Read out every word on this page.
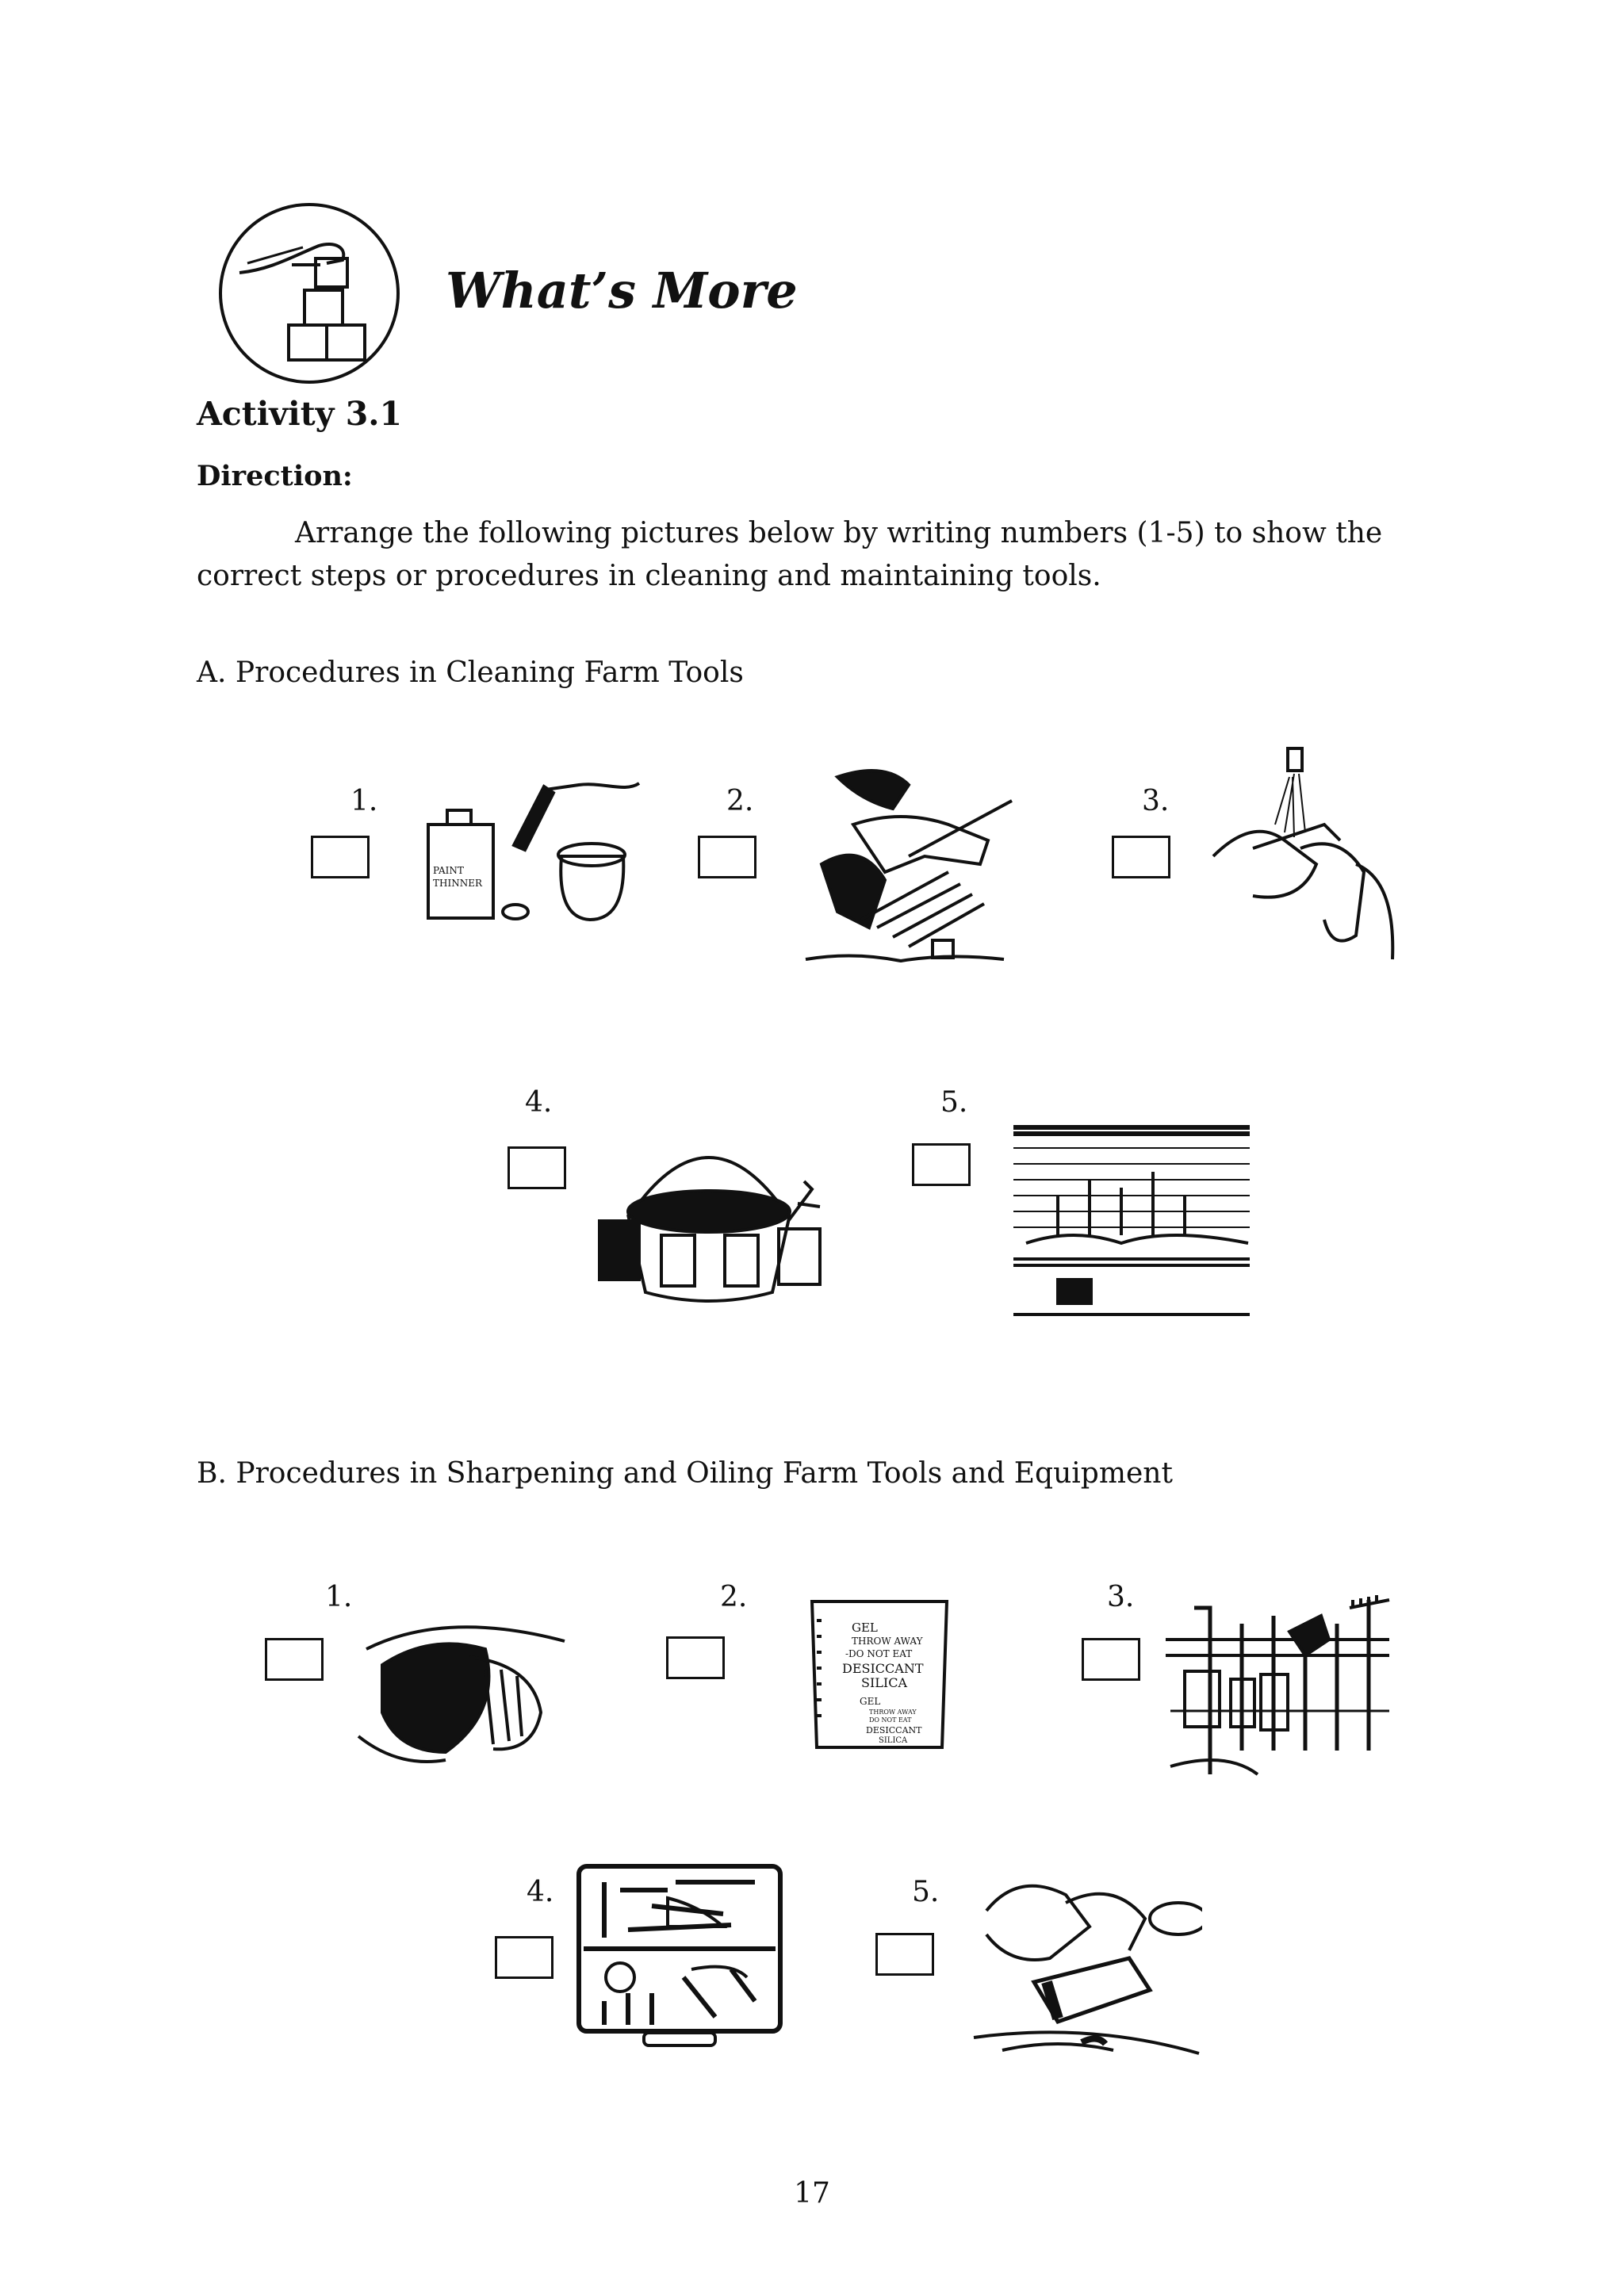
What’s More
Activity 3.1
Direction:
Arrange the following pictures below by writing numbers (1-5) to show the correct steps or procedures in cleaning and maintaining tools.
A. Procedures in Cleaning Farm Tools
1.
PAINT
THINNER
2.	3.
4.	5.
B. Procedures in Sharpening and Oiling Farm Tools and Equipment
1.	2.
GEL
THROW AWAY
-DO NOT EAT
DESICCANT
SILICA
GEL
THROW AWAY
DO NOT EAT
DESICCANT
SILICA
3.
4.	5.
17
